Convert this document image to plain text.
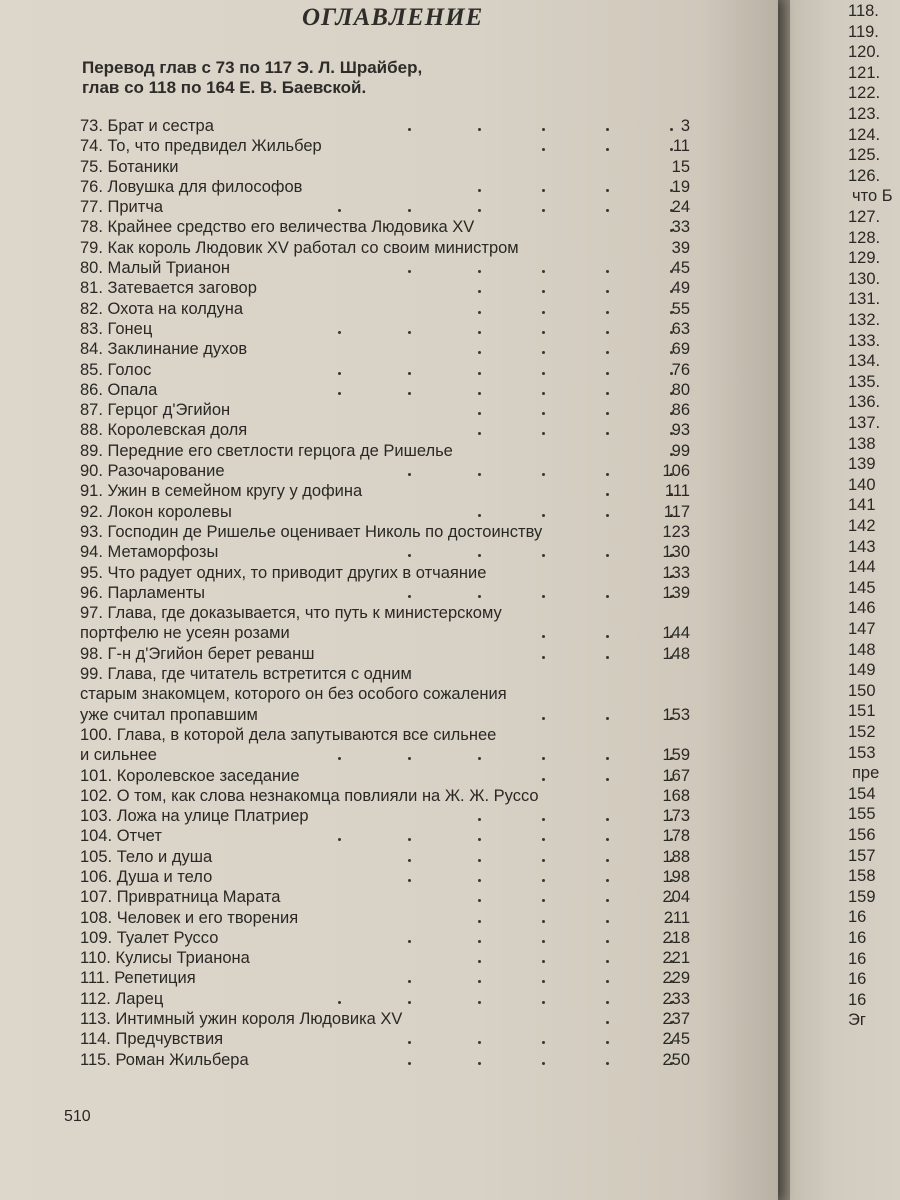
ОГЛАВЛЕНИЕ
Перевод глав с 73 по 117 Э. Л. Шрайбер,
глав со 118 по 164 Е. В. Баевской.
73. Брат и сестра	3
74. То, что предвидел Жильбер	11
75. Ботаники	15
76. Ловушка для философов	19
77. Притча	24
78. Крайнее средство его величества Людовика XV	33
79. Как король Людовик XV работал со своим министром	39
80. Малый Трианон	45
81. Затевается заговор	49
82. Охота на колдуна	55
83. Гонец	63
84. Заклинание духов	69
85. Голос	76
86. Опала	80
87. Герцог д'Эгийон	86
88. Королевская доля	93
89. Передние его светлости герцога де Ришелье	99
90. Разочарование	106
91. Ужин в семейном кругу у дофина	111
92. Локон королевы	117
93. Господин де Ришелье оценивает Николь по достоинству	123
94. Метаморфозы	130
95. Что радует одних, то приводит других в отчаяние	133
96. Парламенты	139
97. Глава, где доказывается, что путь к министерскому
портфелю не усеян розами	144
98. Г-н д'Эгийон берет реванш	148
99. Глава, где читатель встретится с одним
старым знакомцем, которого он без особого сожаления
уже считал пропавшим	153
100. Глава, в которой дела запутываются все сильнее
и сильнее	159
101. Королевское заседание	167
102. О том, как слова незнакомца повлияли на Ж. Ж. Руссо	168
103. Ложа на улице Платриер	173
104. Отчет	178
105. Тело и душа	188
106. Душа и тело	198
107. Привратница Марата	204
108. Человек и его творения	211
109. Туалет Руссо	218
110. Кулисы Трианона	221
111. Репетиция	229
112. Ларец	233
113. Интимный ужин короля Людовика XV	237
114. Предчувствия	245
115. Роман Жильбера	250
510
118.
119.
120.
121.
122.
123.
124.
125.
126.
что Б
127.
128.
129.
130.
131.
132.
133.
134.
135.
136.
137.
138
139
140
141
142
143
144
145
146
147
148
149
150
151
152
153
пре
154
155
156
157
158
159
16
16
16
16
16
Эг
